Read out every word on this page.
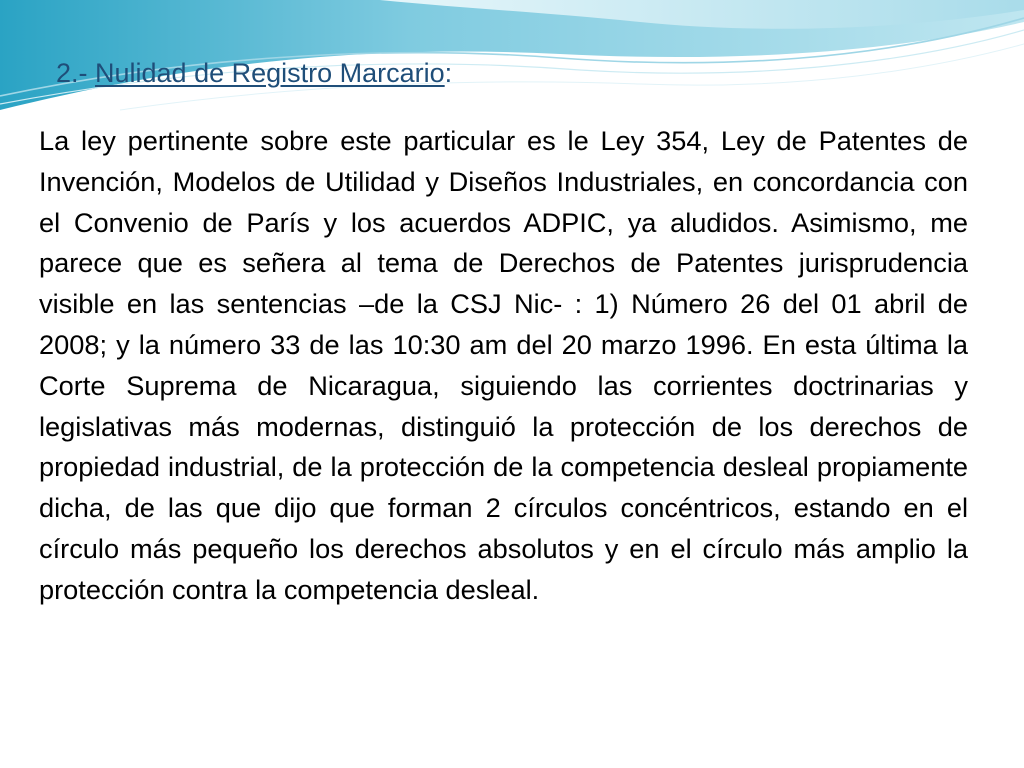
2.- Nulidad de Registro Marcario:

La ley pertinente sobre este particular es le Ley 354, Ley de Patentes de Invención, Modelos de Utilidad y Diseños Industriales, en concordancia con el Convenio de París y los acuerdos ADPIC, ya aludidos. Asimismo, me parece que es señera al tema de Derechos de Patentes jurisprudencia visible en las sentencias –de la CSJ Nic- : 1) Número 26 del 01 abril de 2008; y la número 33 de las 10:30 am del 20 marzo 1996. En esta última la Corte Suprema de Nicaragua, siguiendo las corrientes doctrinarias y legislativas más modernas, distinguió la protección de los derechos de propiedad industrial, de la protección de la competencia desleal propiamente dicha, de las que dijo que forman 2 círculos concéntricos, estando en el círculo más pequeño los derechos absolutos y en el círculo más amplio la protección contra la competencia desleal.
